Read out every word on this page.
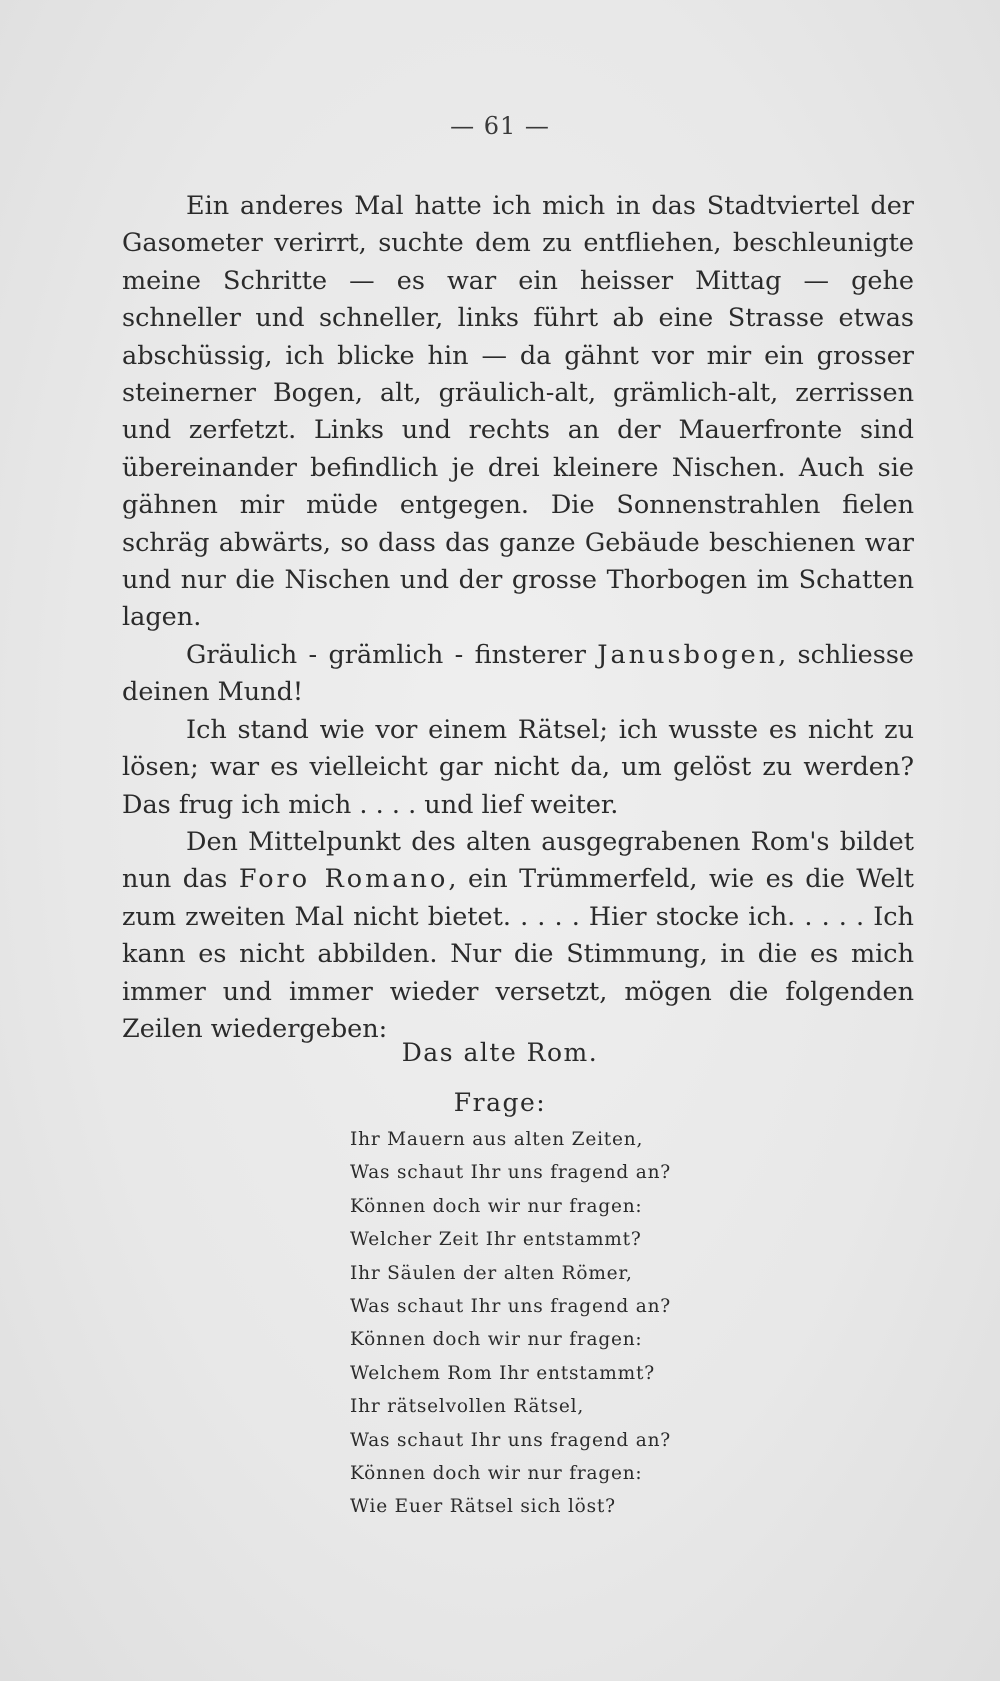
— 61 —

Ein anderes Mal hatte ich mich in das Stadtviertel der Gasometer verirrt, suchte dem zu entfliehen, beschleunigte meine Schritte — es war ein heisser Mittag — gehe schneller und schneller, links führt ab eine Strasse etwas abschüssig, ich blicke hin — da gähnt vor mir ein grosser steinerner Bogen, alt, gräulich-alt, grämlich-alt, zerrissen und zerfetzt. Links und rechts an der Mauerfronte sind übereinander befindlich je drei kleinere Nischen. Auch sie gähnen mir müde entgegen. Die Sonnenstrahlen fielen schräg abwärts, so dass das ganze Gebäude beschienen war und nur die Nischen und der grosse Thorbogen im Schatten lagen.

Gräulich - grämlich - finsterer Janusbogen, schliesse deinen Mund!

Ich stand wie vor einem Rätsel; ich wusste es nicht zu lösen; war es vielleicht gar nicht da, um gelöst zu werden? Das frug ich mich . . . . und lief weiter.

Den Mittelpunkt des alten ausgegrabenen Rom's bildet nun das Foro Romano, ein Trümmerfeld, wie es die Welt zum zweiten Mal nicht bietet. . . . . Hier stocke ich. . . . . Ich kann es nicht abbilden. Nur die Stimmung, in die es mich immer und immer wieder versetzt, mögen die folgenden Zeilen wiedergeben:

Das alte Rom.
Frage:
Ihr Mauern aus alten Zeiten,
Was schaut Ihr uns fragend an?
Können doch wir nur fragen:
Welcher Zeit Ihr entstammt?
Ihr Säulen der alten Römer,
Was schaut Ihr uns fragend an?
Können doch wir nur fragen:
Welchem Rom Ihr entstammt?
Ihr rätselvollen Rätsel,
Was schaut Ihr uns fragend an?
Können doch wir nur fragen:
Wie Euer Rätsel sich löst?
